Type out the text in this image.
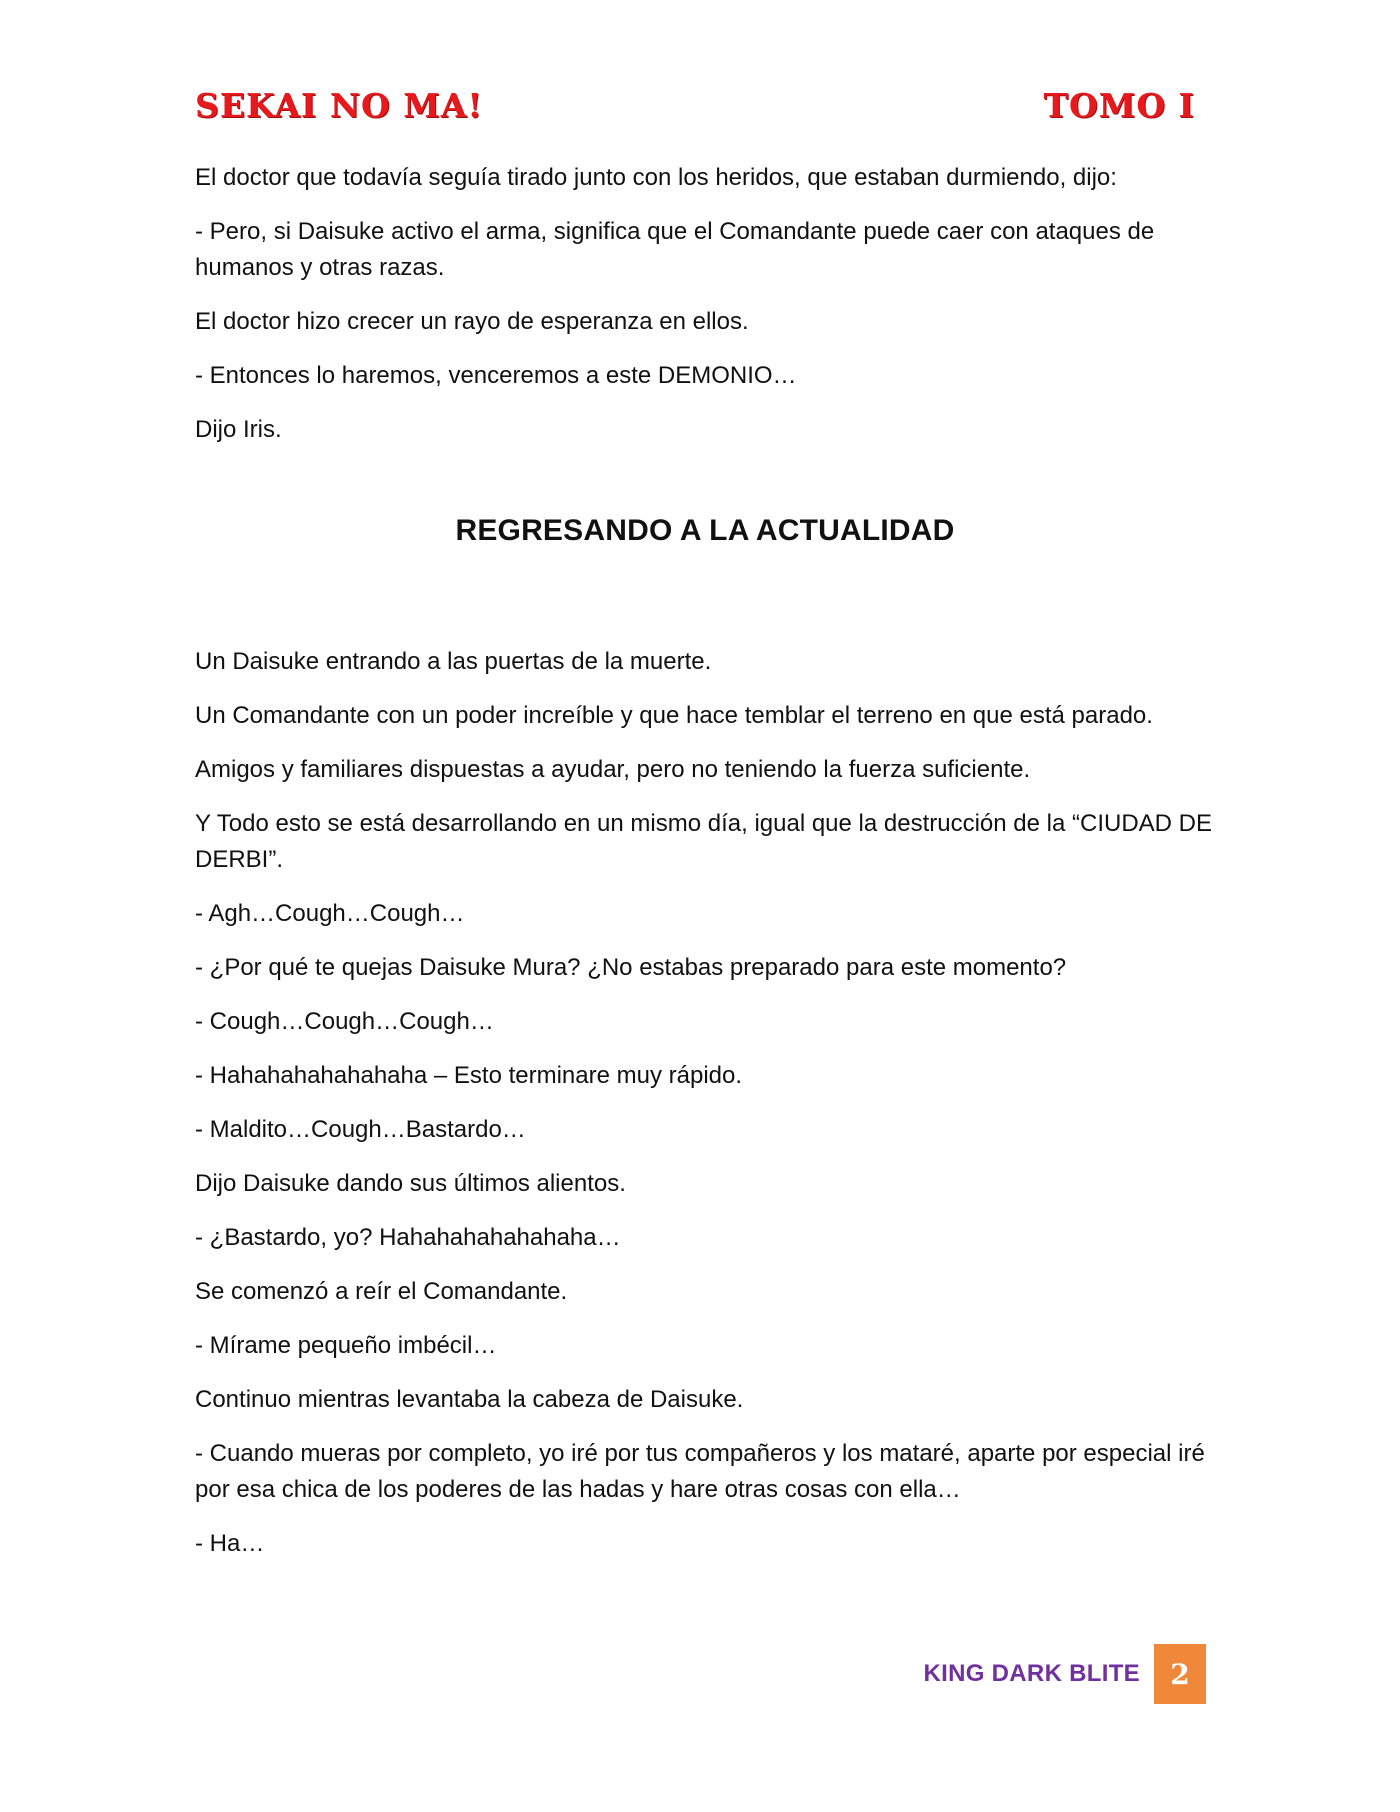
SEKAI NO MA!	TOMO I

El doctor que todavía seguía tirado junto con los heridos, que estaban durmiendo, dijo:

- Pero, si Daisuke activo el arma, significa que el Comandante puede caer con ataques de humanos y otras razas.

El doctor hizo crecer un rayo de esperanza en ellos.

- Entonces lo haremos, venceremos a este DEMONIO…

Dijo Iris.

REGRESANDO A LA ACTUALIDAD

Un Daisuke entrando a las puertas de la muerte.

Un Comandante con un poder increíble y que hace temblar el terreno en que está parado.

Amigos y familiares dispuestas a ayudar, pero no teniendo la fuerza suficiente.

Y Todo esto se está desarrollando en un mismo día, igual que la destrucción de la “CIUDAD DE DERBI”.

- Agh…Cough…Cough…

- ¿Por qué te quejas Daisuke Mura? ¿No estabas preparado para este momento?

- Cough…Cough…Cough…

- Hahahahahahahaha – Esto terminare muy rápido.

- Maldito…Cough…Bastardo…

Dijo Daisuke dando sus últimos alientos.

- ¿Bastardo, yo? Hahahahahahahaha…

Se comenzó a reír el Comandante.

- Mírame pequeño imbécil…

Continuo mientras levantaba la cabeza de Daisuke.

- Cuando mueras por completo, yo iré por tus compañeros y los mataré, aparte por especial iré por esa chica de los poderes de las hadas y hare otras cosas con ella…

- Ha…

KING DARK BLITE	2
